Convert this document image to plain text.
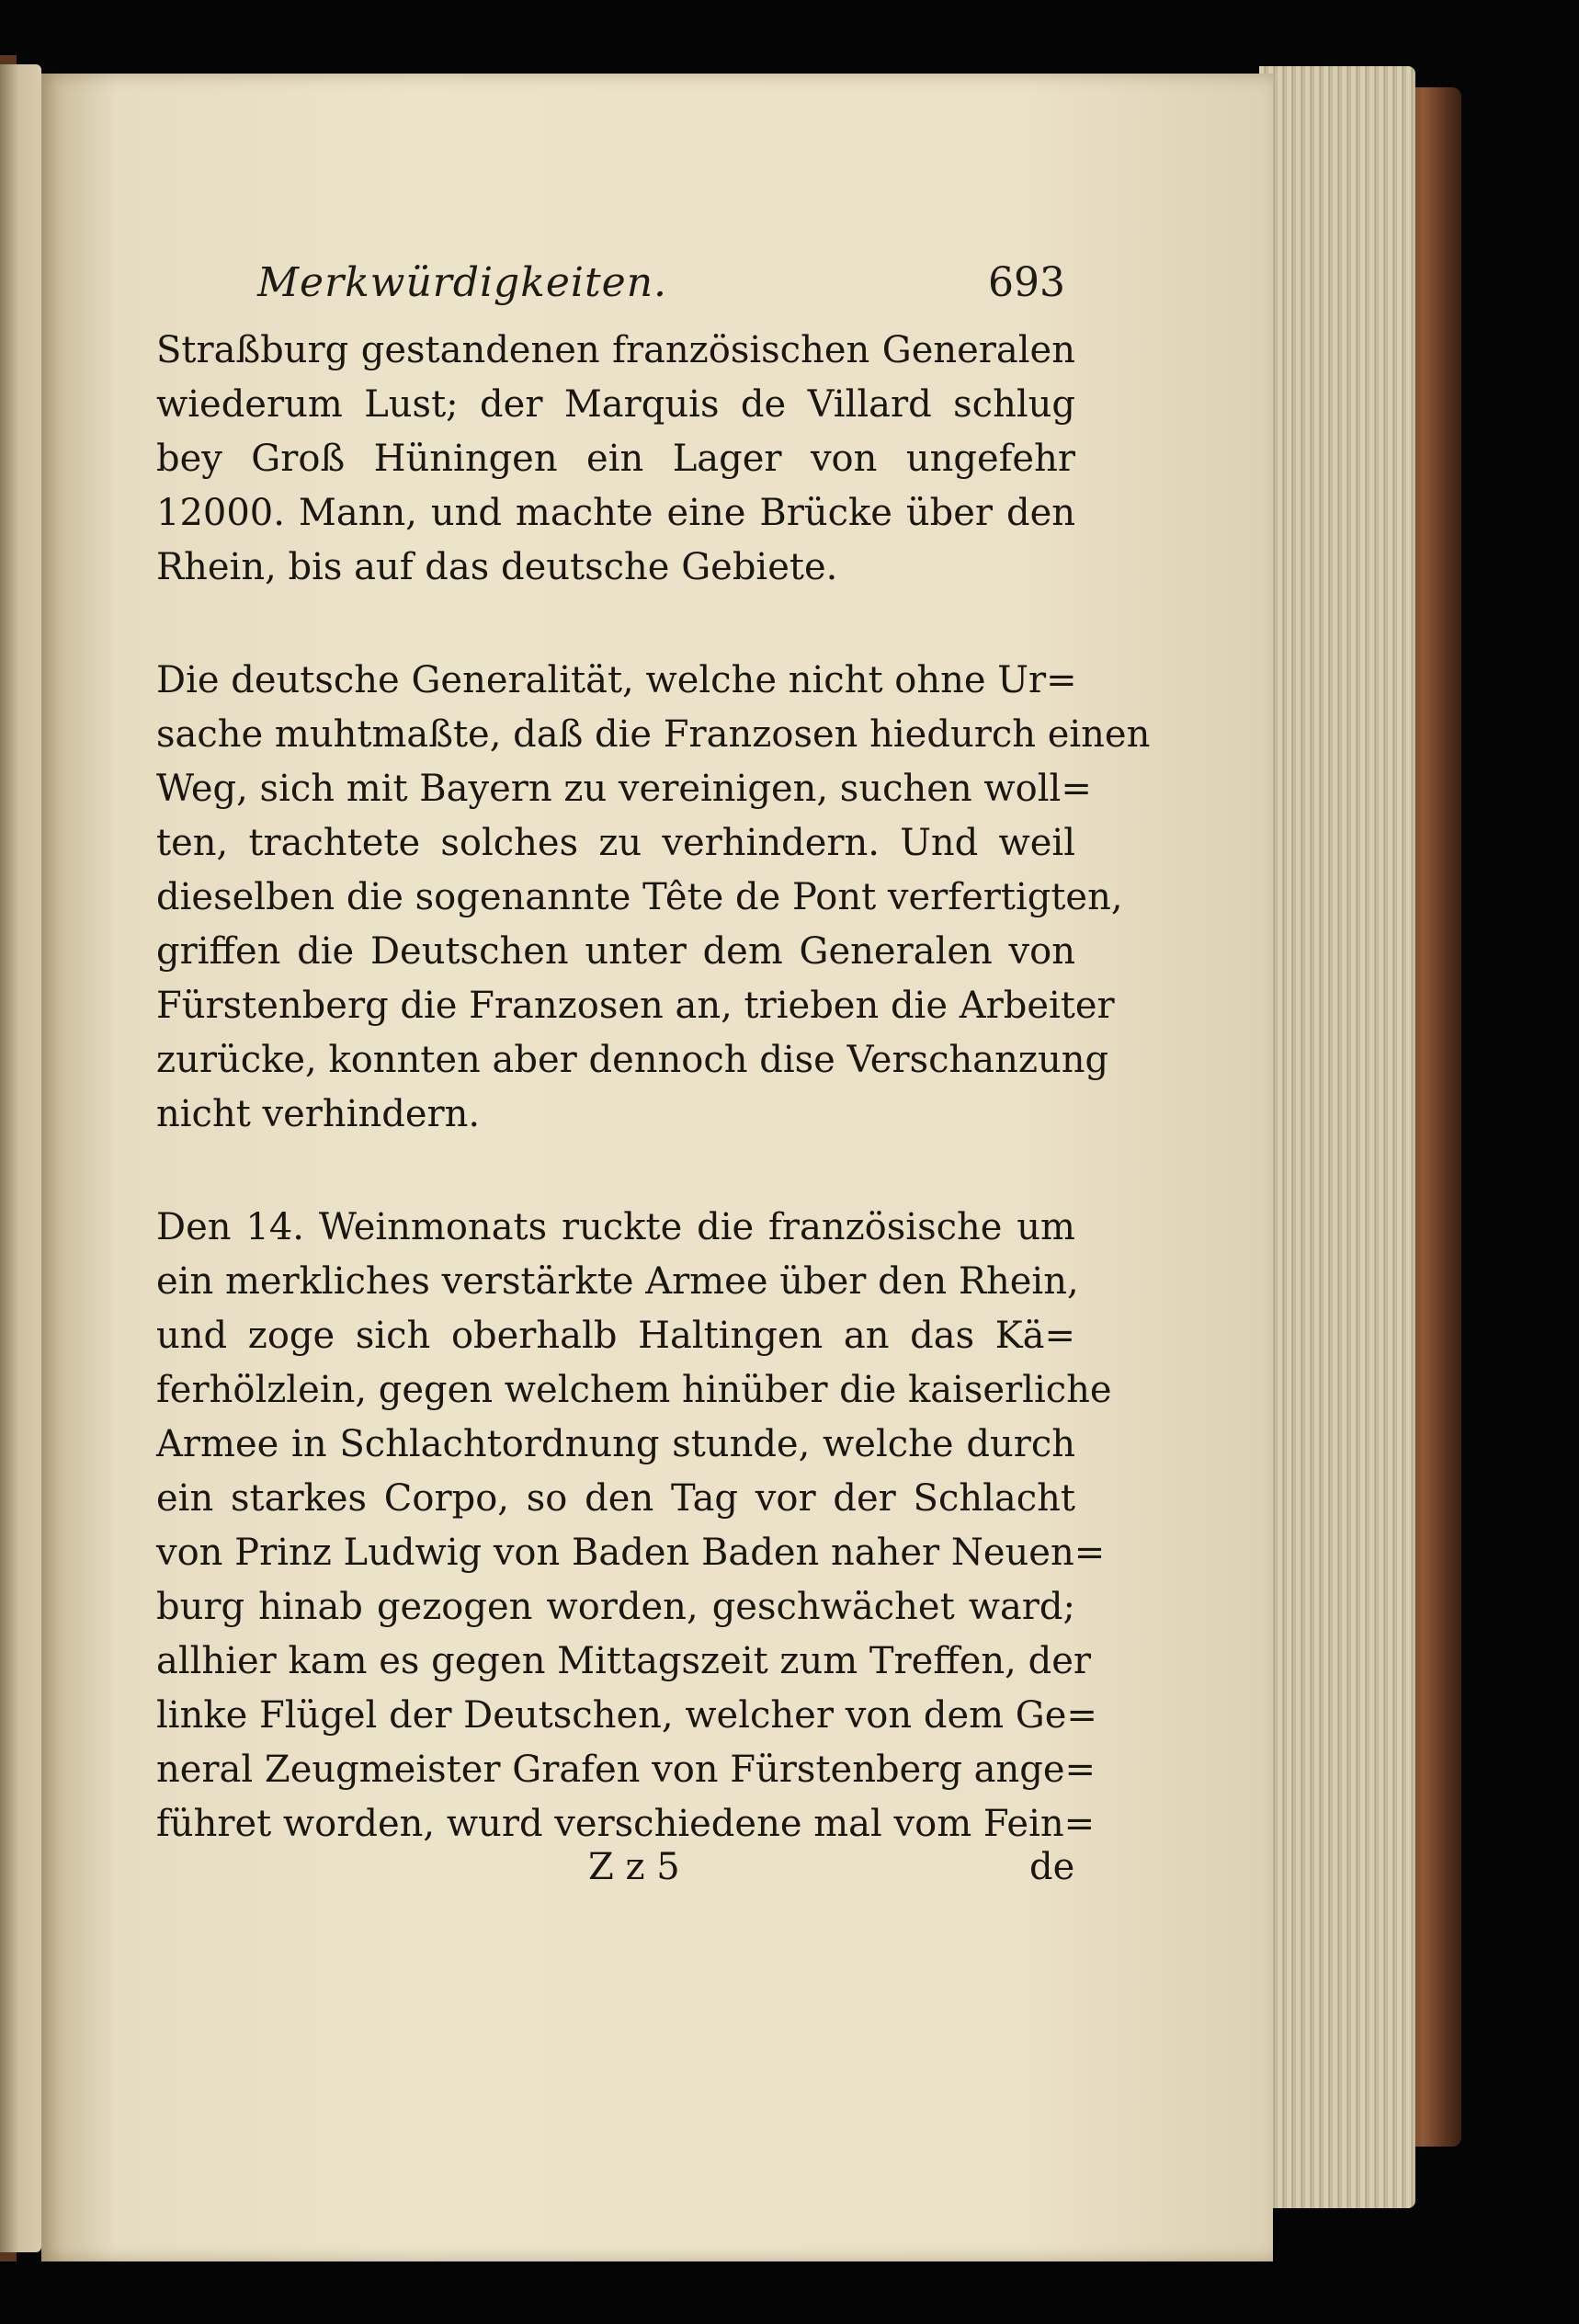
Merkwürdigkeiten.	693
Straßburg gestandenen französischen Generalen
wiederum Lust; der Marquis de Villard schlug
bey Groß Hüningen ein Lager von ungefehr
12000. Mann, und machte eine Brücke über den
Rhein, bis auf das deutsche Gebiete.
Die deutsche Generalität, welche nicht ohne Ur=
sache muhtmaßte, daß die Franzosen hiedurch einen
Weg, sich mit Bayern zu vereinigen, suchen woll=
ten, trachtete solches zu verhindern. Und weil
dieselben die sogenannte Tête de Pont verfertigten,
griffen die Deutschen unter dem Generalen von
Fürstenberg die Franzosen an, trieben die Arbeiter
zurücke, konnten aber dennoch dise Verschanzung
nicht verhindern.
Den 14. Weinmonats ruckte die französische um
ein merkliches verstärkte Armee über den Rhein,
und zoge sich oberhalb Haltingen an das Kä=
ferhölzlein, gegen welchem hinüber die kaiserliche
Armee in Schlachtordnung stunde, welche durch
ein starkes Corpo, so den Tag vor der Schlacht
von Prinz Ludwig von Baden Baden naher Neuen=
burg hinab gezogen worden, geschwächet ward;
allhier kam es gegen Mittagszeit zum Treffen, der
linke Flügel der Deutschen, welcher von dem Ge=
neral Zeugmeister Grafen von Fürstenberg ange=
führet worden, wurd verschiedene mal vom Fein=
Z z 5	de
